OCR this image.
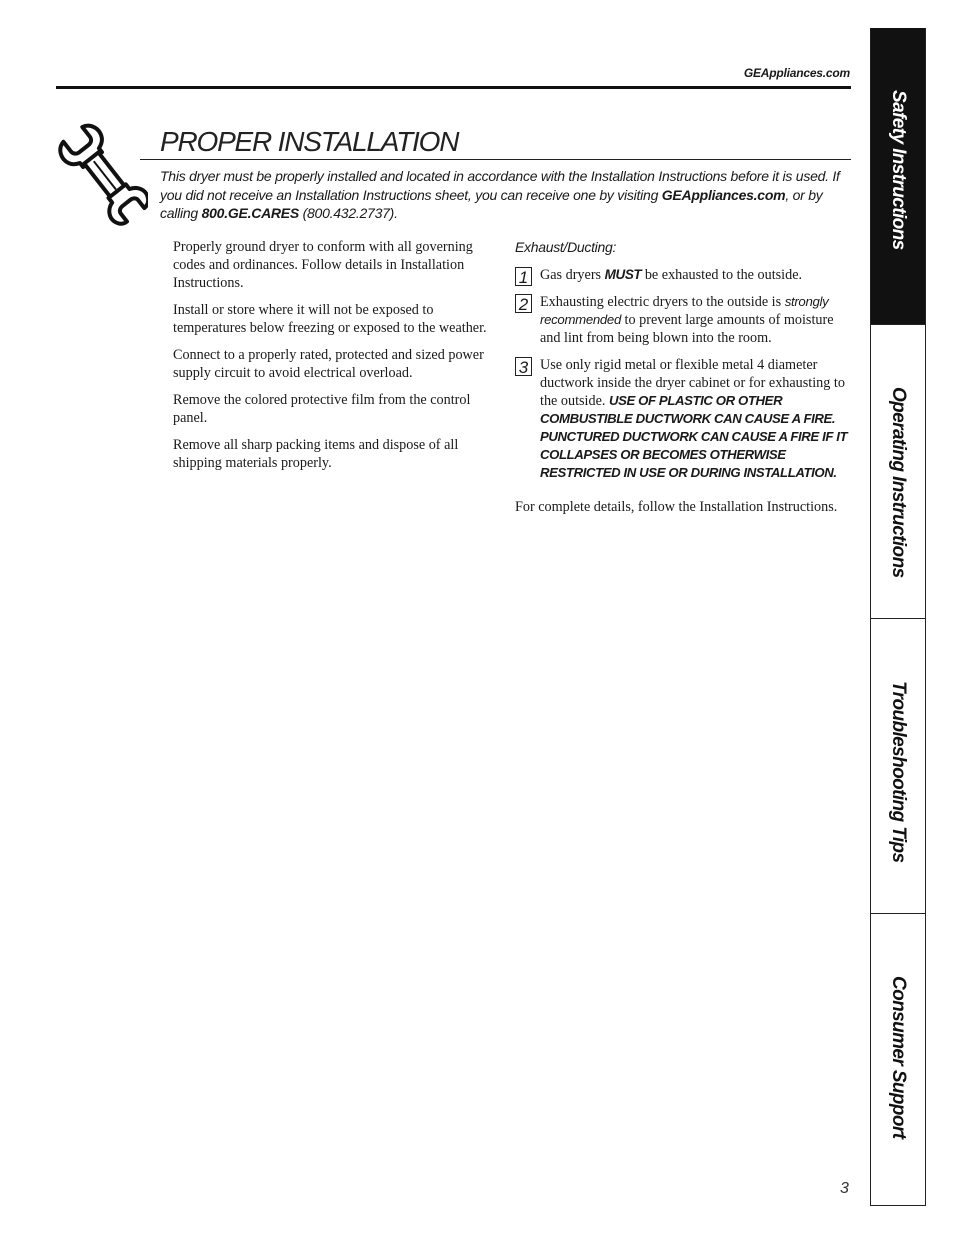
GEAppliances.com
PROPER INSTALLATION
This dryer must be properly installed and located in accordance with the Installation Instructions before it is used. If you did not receive an Installation Instructions sheet, you can receive one by visiting GEAppliances.com, or by calling 800.GE.CARES (800.432.2737).

Properly ground dryer to conform with all governing codes and ordinances. Follow details in Installation Instructions.

Install or store where it will not be exposed to temperatures below freezing or exposed to the weather.

Connect to a properly rated, protected and sized power supply circuit to avoid electrical overload.

Remove the colored protective film from the control panel.

Remove all sharp packing items and dispose of all shipping materials properly.

Exhaust/Ducting:

1 Gas dryers MUST be exhausted to the outside.
2 Exhausting electric dryers to the outside is strongly recommended to prevent large amounts of moisture and lint from being blown into the room.
3 Use only rigid metal or flexible metal 4 diameter ductwork inside the dryer cabinet or for exhausting to the outside. USE OF PLASTIC OR OTHER COMBUSTIBLE DUCTWORK CAN CAUSE A FIRE. PUNCTURED DUCTWORK CAN CAUSE A FIRE IF IT COLLAPSES OR BECOMES OTHERWISE RESTRICTED IN USE OR DURING INSTALLATION.

For complete details, follow the Installation Instructions.

Safety Instructions
Operating Instructions
Troubleshooting Tips
Consumer Support
3
